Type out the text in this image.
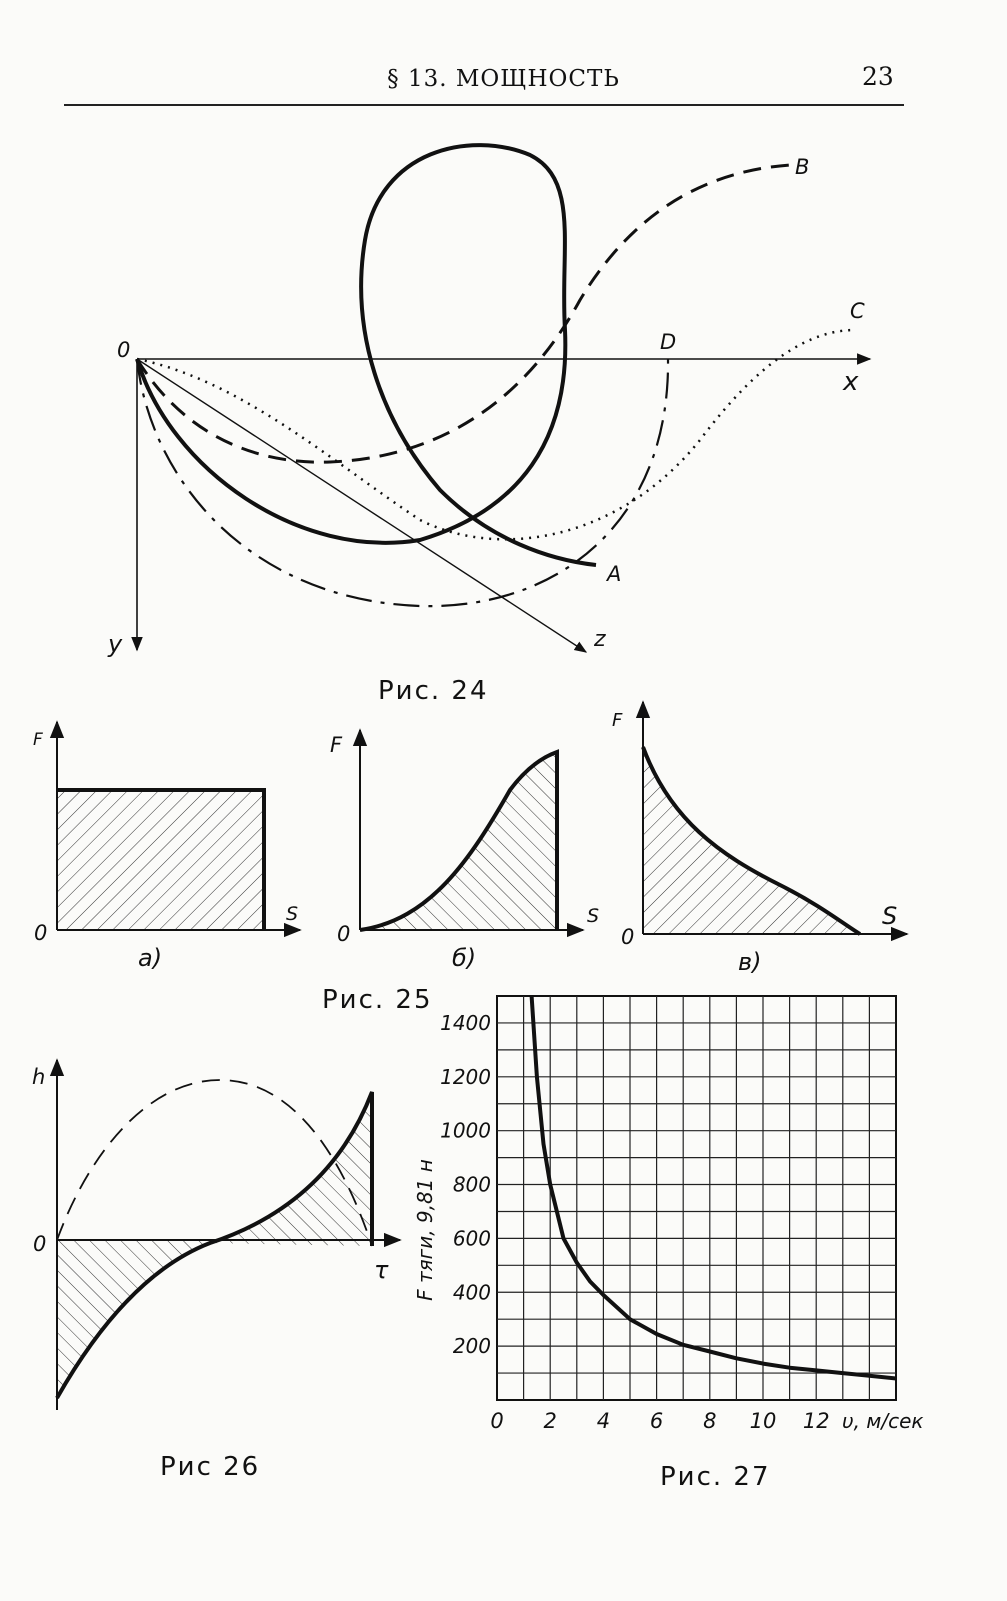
§ 13. МОЩНОСТЬ	23
0
x
y	z
A
B
C
D
F
0
S
a)
F
0
S
б)
F
0
S
в)
h
0
τ
200
400
600
800
1000
1200
1400
0 2 4 6 8 10 12 υ, м/сек
F тяги, 9,81 н
Рис. 24
Рис. 25
Рис 26	Рис. 27
